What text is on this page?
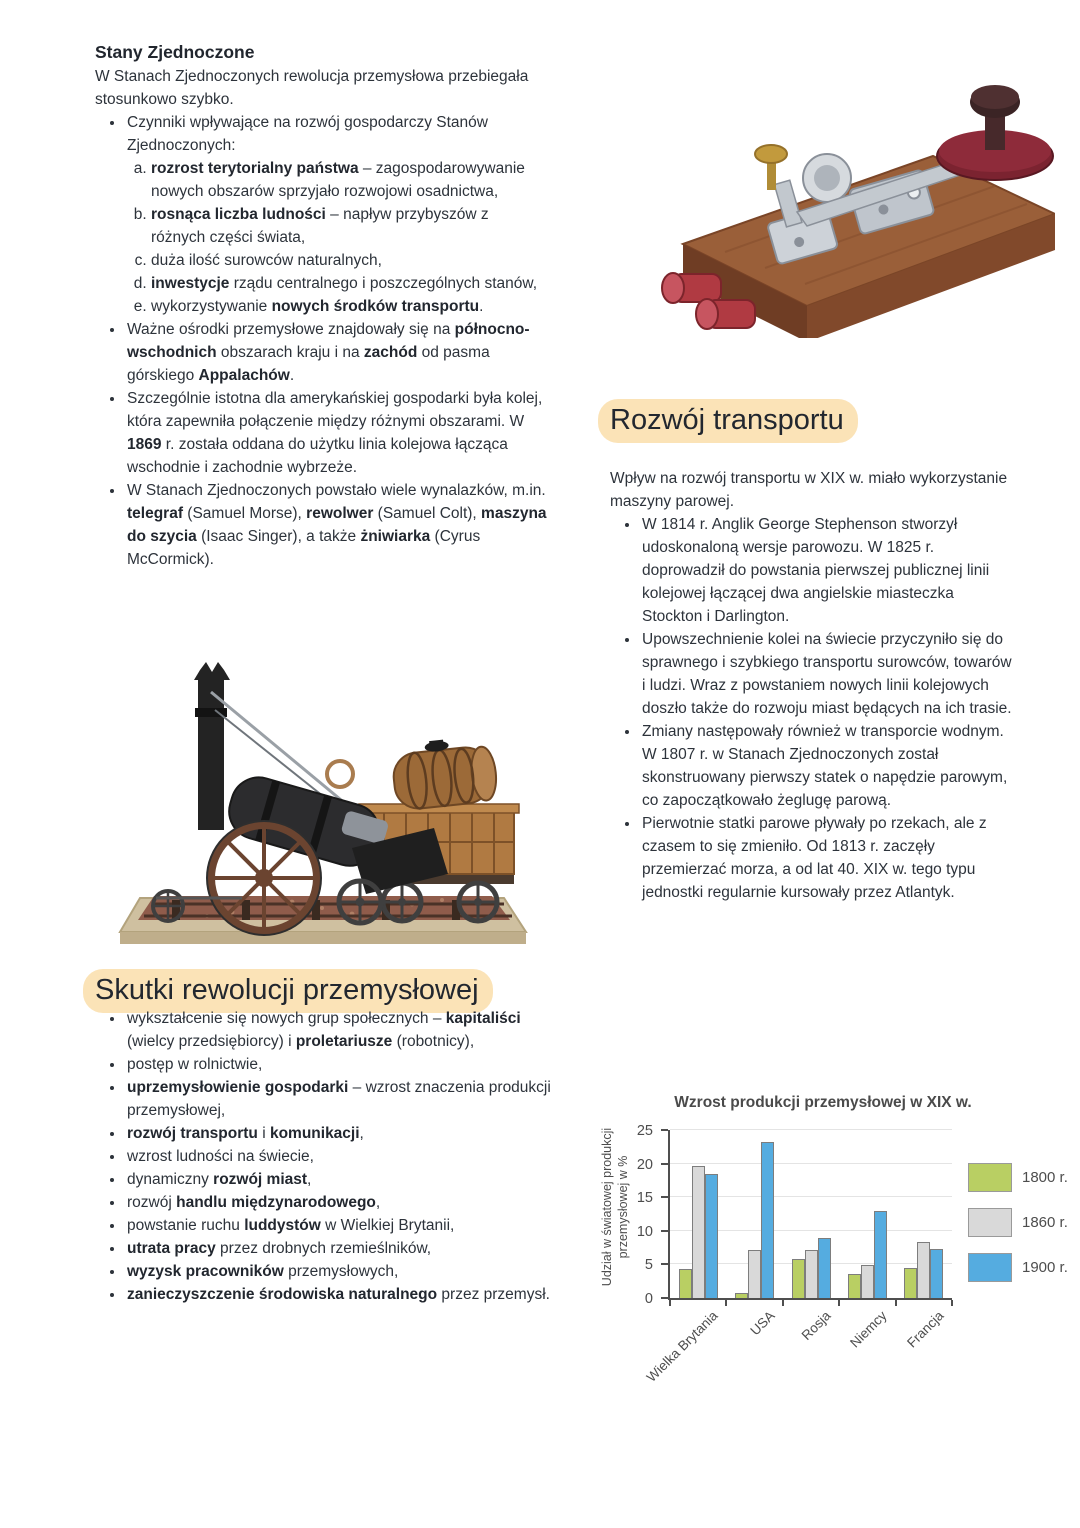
Stany Zjednoczone

W Stanach Zjednoczonych rewolucja przemysłowa przebiegała stosunkowo szybko.

• Czynniki wpływające na rozwój gospodarczy Stanów Zjednoczonych:
a. rozrost terytorialny państwa – zagospodarowywanie nowych obszarów sprzyjało rozwojowi osadnictwa,
b. rosnąca liczba ludności – napływ przybyszów z różnych części świata,
c. duża ilość surowców naturalnych,
d. inwestycje rządu centralnego i poszczególnych stanów,
e. wykorzystywanie nowych środków transportu.
• Ważne ośrodki przemysłowe znajdowały się na północno-wschodnich obszarach kraju i na zachód od pasma górskiego Appalachów.
• Szczególnie istotna dla amerykańskiej gospodarki była kolej, która zapewniła połączenie między różnymi obszarami. W 1869 r. została oddana do użytku linia kolejowa łącząca wschodnie i zachodnie wybrzeże.
• W Stanach Zjednoczonych powstało wiele wynalazków, m.in. telegraf (Samuel Morse), rewolwer (Samuel Colt), maszyna do szycia (Isaac Singer), a także żniwiarka (Cyrus McCormick).
Skutki rewolucji przemysłowej
• wykształcenie się nowych grup społecznych – kapitaliści (wielcy przedsiębiorcy) i proletariusze (robotnicy),
• postęp w rolnictwie,
• uprzemysłowienie gospodarki – wzrost znaczenia produkcji przemysłowej,
• rozwój transportu i komunikacji,
• wzrost ludności na świecie,
• dynamiczny rozwój miast,
• rozwój handlu międzynarodowego,
• powstanie ruchu luddystów w Wielkiej Brytanii,
• utrata pracy przez drobnych rzemieślników,
• wyzysk pracowników przemysłowych,
• zanieczyszczenie środowiska naturalnego przez przemysł.
Rozwój transportu

Wpływ na rozwój transportu w XIX w. miało wykorzystanie maszyny parowej.

• W 1814 r. Anglik George Stephenson stworzył udoskonaloną wersje parowozu. W 1825 r. doprowadził do powstania pierwszej publicznej linii kolejowej łączącej dwa angielskie miasteczka Stockton i Darlington.
• Upowszechnienie kolei na świecie przyczyniło się do sprawnego i szybkiego transportu surowców, towarów i ludzi. Wraz z powstaniem nowych linii kolejowych doszło także do rozwoju miast będących na ich trasie.
• Zmiany następowały również w transporcie wodnym. W 1807 r. w Stanach Zjednoczonych został skonstruowany pierwszy statek o napędzie parowym, co zapoczątkowało żeglugę parową.
• Pierwotnie statki parowe pływały po rzekach, ale z czasem to się zmieniło. Od 1813 r. zaczęły przemierzać morza, a od lat 40. XIX w. tego typu jednostki regularnie kursowały przez Atlantyk.
Wzrost produkcji przemysłowej w XIX w.
Udział w światowej produkcji przemysłowej w %
0
5
10
15
20
25
Wielka Brytania USA Rosja Niemcy Francja
1800 r.
1860 r.
1900 r.
